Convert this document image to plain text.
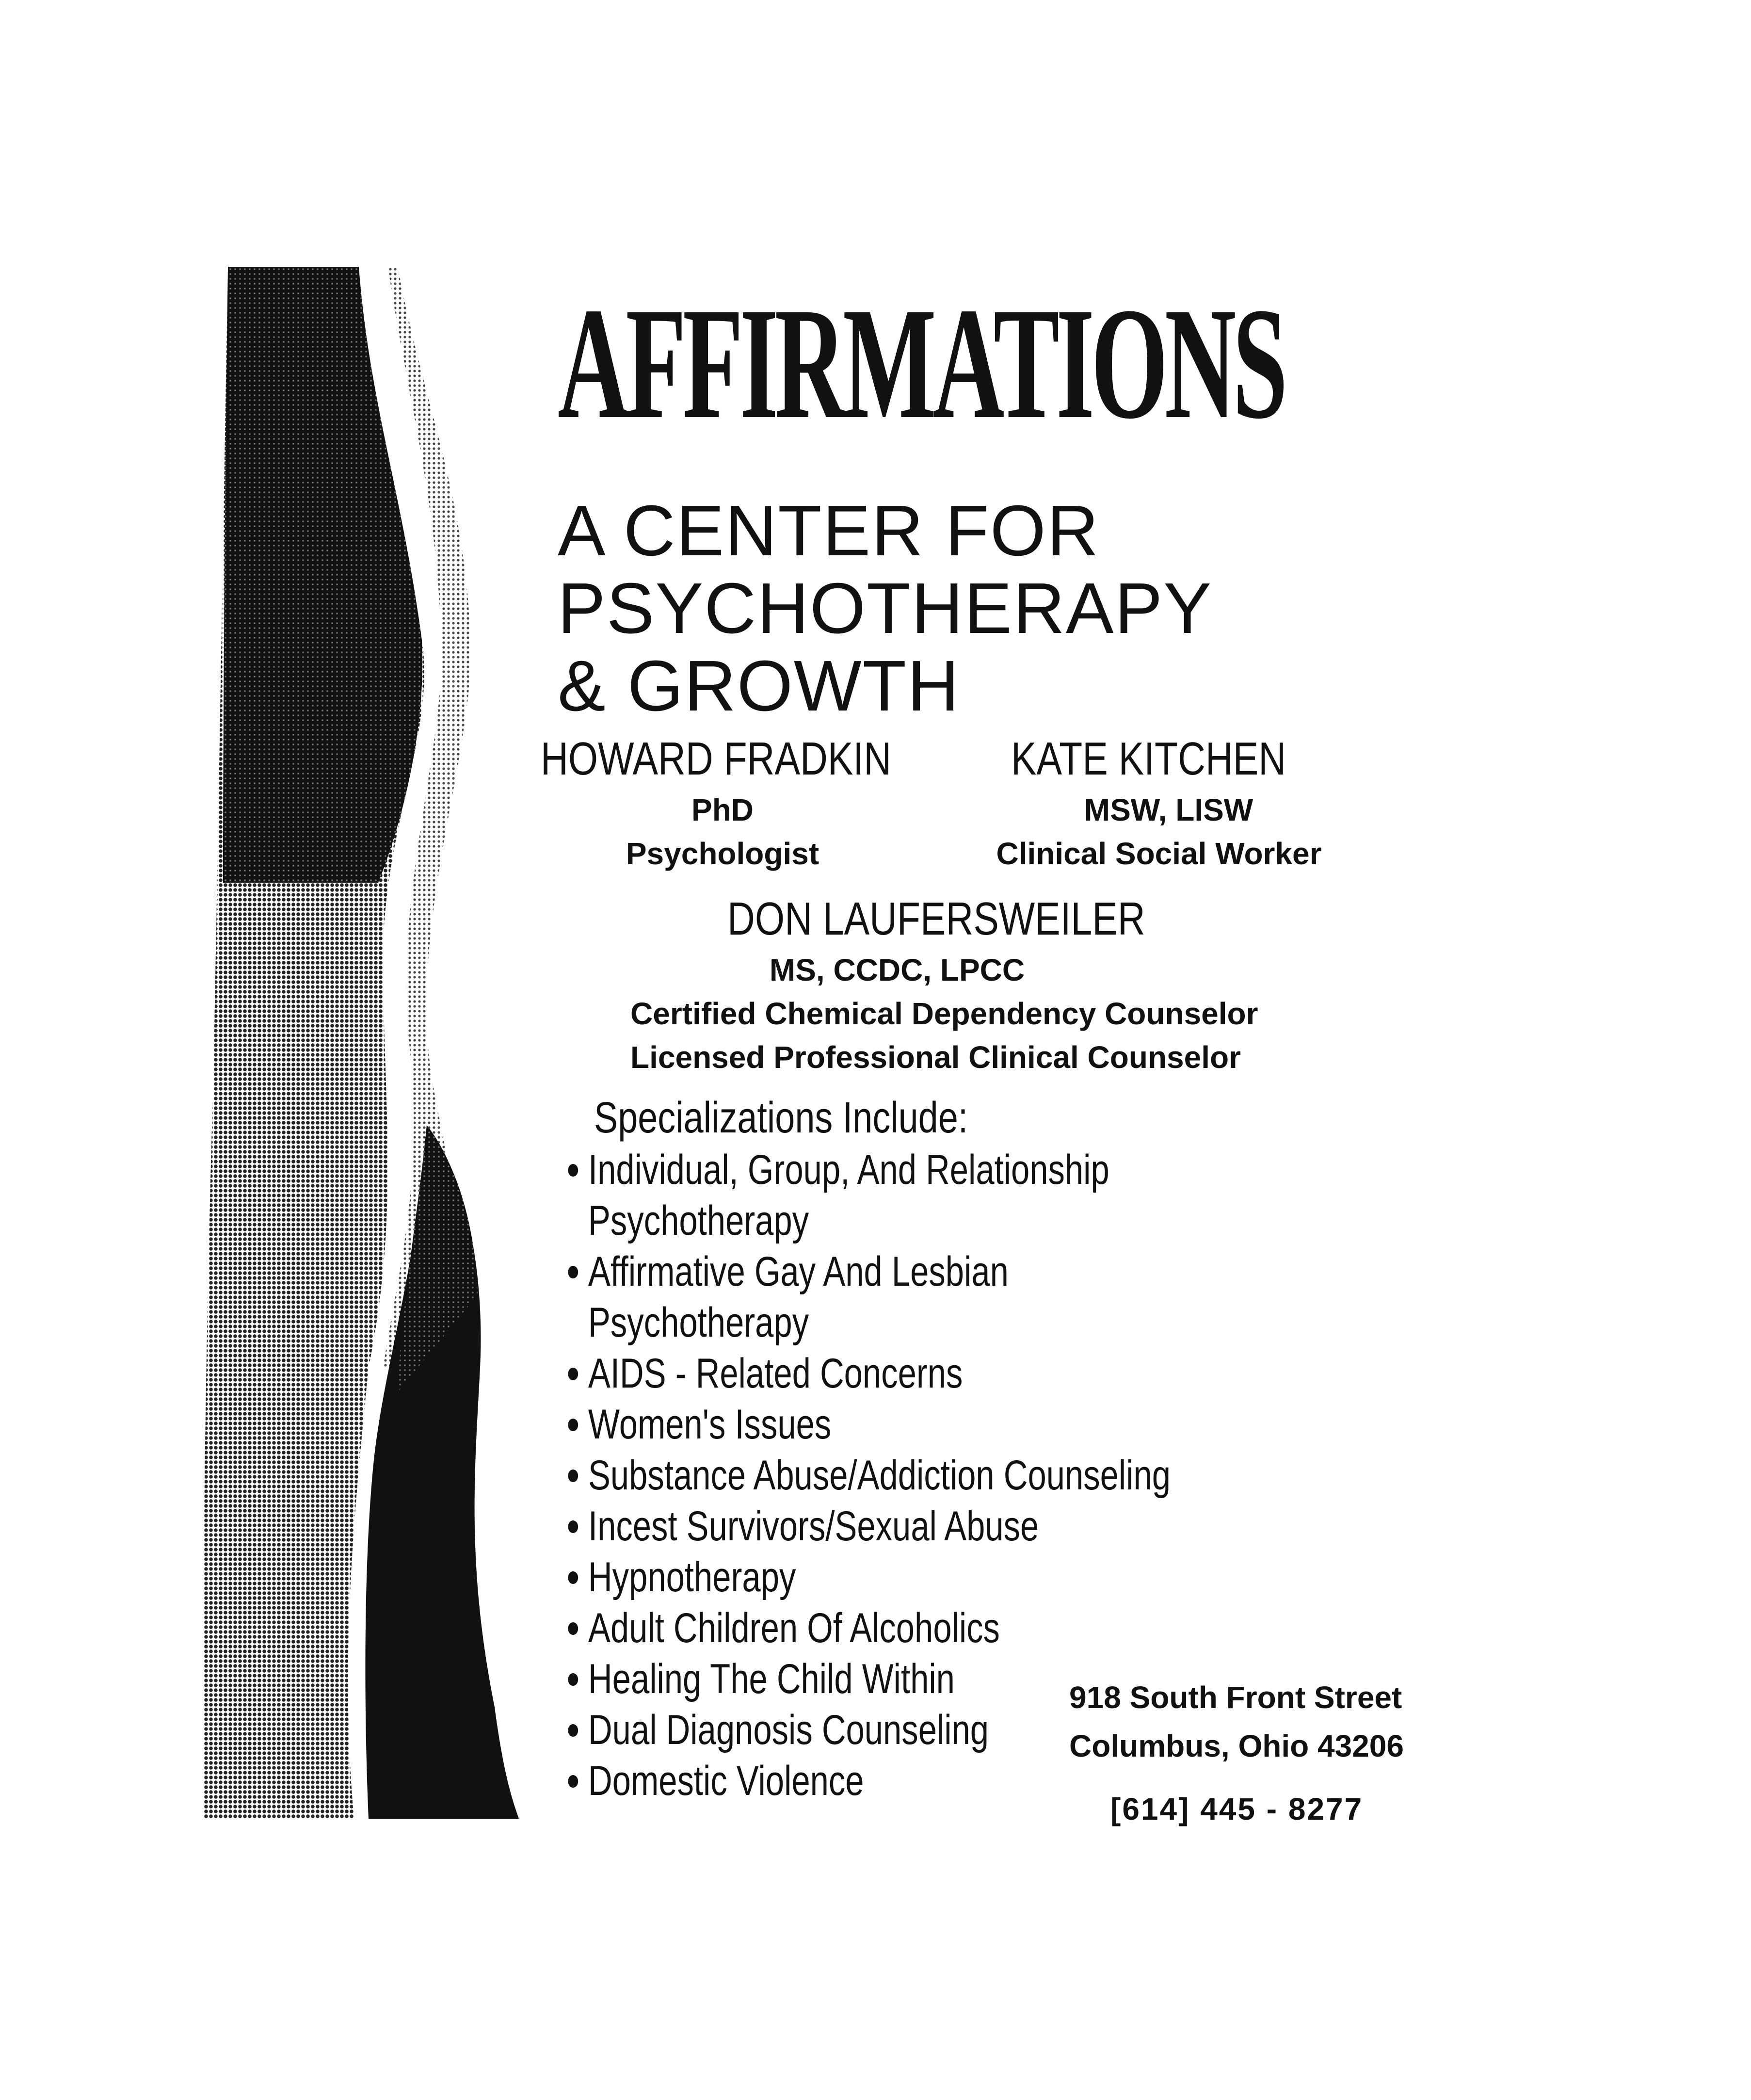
AFFIRMATIONS
A CENTER FOR
PSYCHOTHERAPY
& GROWTH
HOWARD FRADKIN
PhD
Psychologist
KATE KITCHEN
MSW, LISW
Clinical Social Worker
DON LAUFERSWEILER
MS, CCDC, LPCC
Certified Chemical Dependency Counselor
Licensed Professional Clinical Counselor
Specializations Include:
Individual, Group, And Relationship
Psychotherapy
Affirmative Gay And Lesbian
Psychotherapy
AIDS - Related Concerns
Women's Issues
Substance Abuse/Addiction Counseling
Incest Survivors/Sexual Abuse
Hypnotherapy
Adult Children Of Alcoholics
Healing The Child Within
Dual Diagnosis Counseling
Domestic Violence
918 South Front Street
Columbus, Ohio 43206
[614] 445 - 8277
